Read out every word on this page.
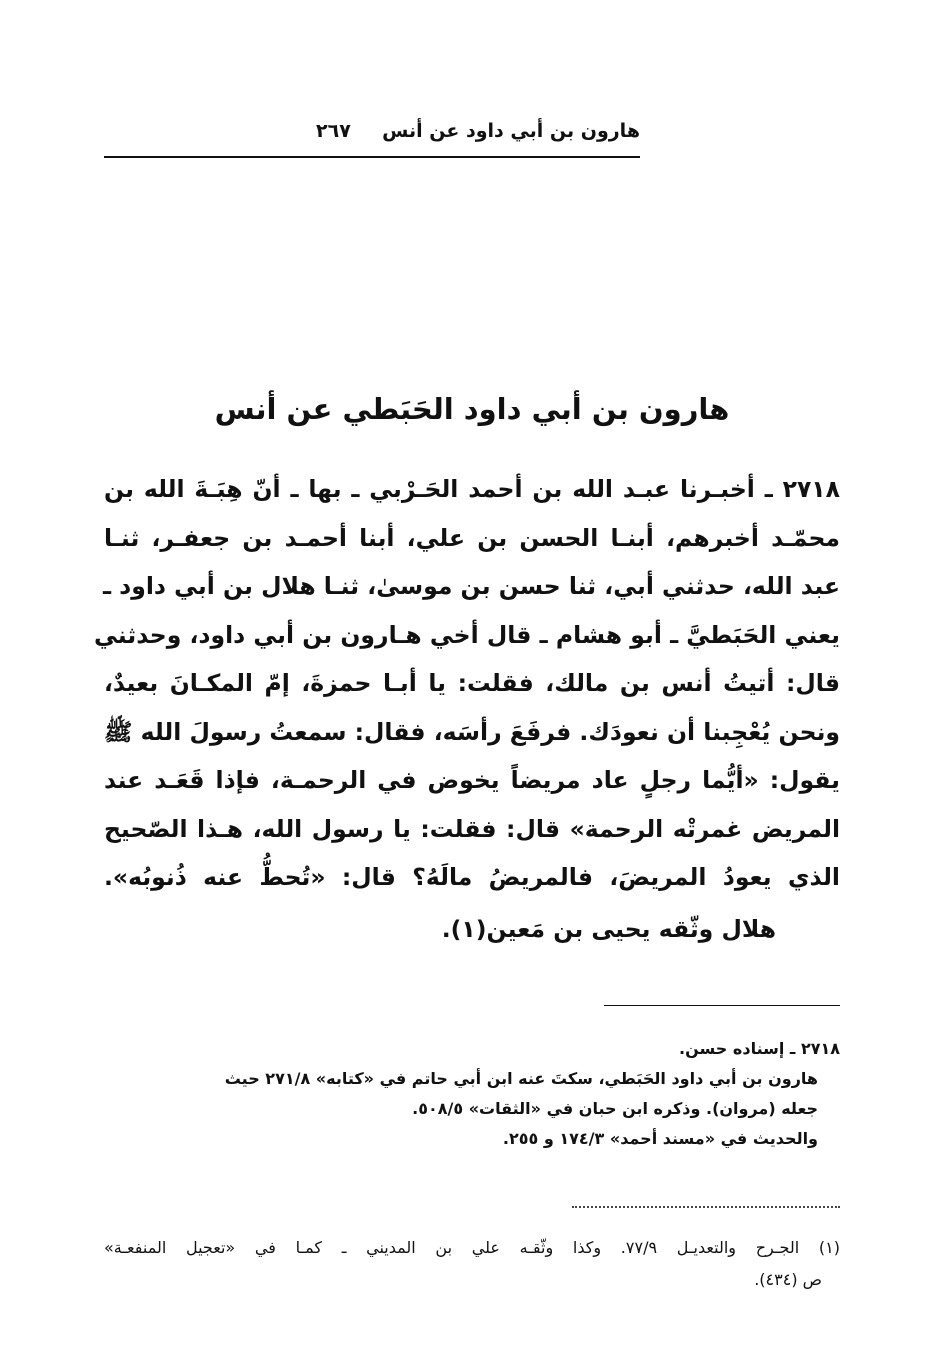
هارون بن أبي داود عن أنس
٢٦٧
هارون بن أبي داود الحَبَطي عن أنس
٢٧١٨ ـ أخبـرنا عبـد الله بن أحمد الحَـرْبي ـ بها ـ أنّ هِبَـةَ الله بن
محمّـد أخبرهم، أبنـا الحسن بن علي، أبنا أحمـد بن جعفـر، ثنـا
عبد الله، حدثني أبي، ثنا حسن بن موسىٰ، ثنـا هلال بن أبي داود ـ
يعني الحَبَطيَّ ـ أبو هشام ـ قال أخي هـارون بن أبي داود، وحدثني
قال: أتيتُ أنس بن مالك، فقلت: يا أبـا حمزةَ، إمّ المكـانَ بعيدٌ،
ونحن يُعْجِبنا أن نعودَك. فرفَعَ رأسَه، فقال: سمعتُ رسولَ الله ﷺ
يقول: «أيُّما رجلٍ عاد مريضاً يخوض في الرحمـة، فإذا قَعَـد عند
المريض غمرتْه الرحمة» قال: فقلت: يا رسول الله، هـذا الصّحيح
الذي يعودُ المريضَ، فالمريضُ مالَهُ؟ قال: «تُحطُّ عنه ذُنوبُه».
هلال وثّقه يحيى بن مَعين(١).
٢٧١٨ ـ إسناده حسن.
هارون بن أبي داود الحَبَطي، سكتَ عنه ابن أبي حاتم في «كتابه» ٢٧١/٨ حيث
جعله (مروان). وذكره ابن حبان في «الثقات» ٥٠٨/٥.
والحديث في «مسند أحمد» ١٧٤/٣ و ٢٥٥.
(١) الجـرح والتعديـل ٧٧/٩. وكذا وثّقـه علي بن المديني ـ كمـا في «تعجيل المنفعـة»
ص (٤٣٤).
